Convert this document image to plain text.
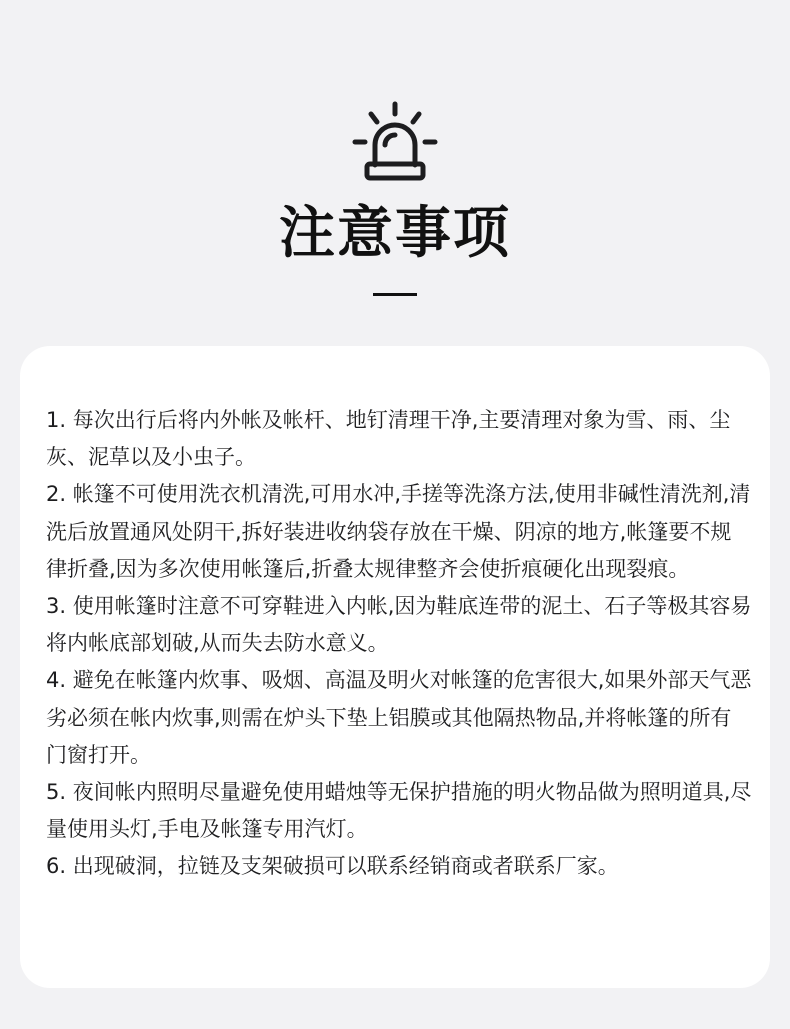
注意事项
1. 每次出行后将内外帐及帐杆、地钉清理干净,主要清理对象为雪、雨、尘灰、泥草以及小虫子。
2. 帐篷不可使用洗衣机清洗,可用水冲,手搓等洗涤方法,使用非碱性清洗剂,清洗后放置通风处阴干,拆好装进收纳袋存放在干燥、阴凉的地方,帐篷要不规律折叠,因为多次使用帐篷后,折叠太规律整齐会使折痕硬化出现裂痕。
3. 使用帐篷时注意不可穿鞋进入内帐,因为鞋底连带的泥土、石子等极其容易将内帐底部划破,从而失去防水意义。
4. 避免在帐篷内炊事、吸烟、高温及明火对帐篷的危害很大,如果外部天气恶劣必须在帐内炊事,则需在炉头下垫上铝膜或其他隔热物品,并将帐篷的所有门窗打开。
5. 夜间帐内照明尽量避免使用蜡烛等无保护措施的明火物品做为照明道具,尽量使用头灯,手电及帐篷专用汽灯。
6. 出现破洞，拉链及支架破损可以联系经销商或者联系厂家。
